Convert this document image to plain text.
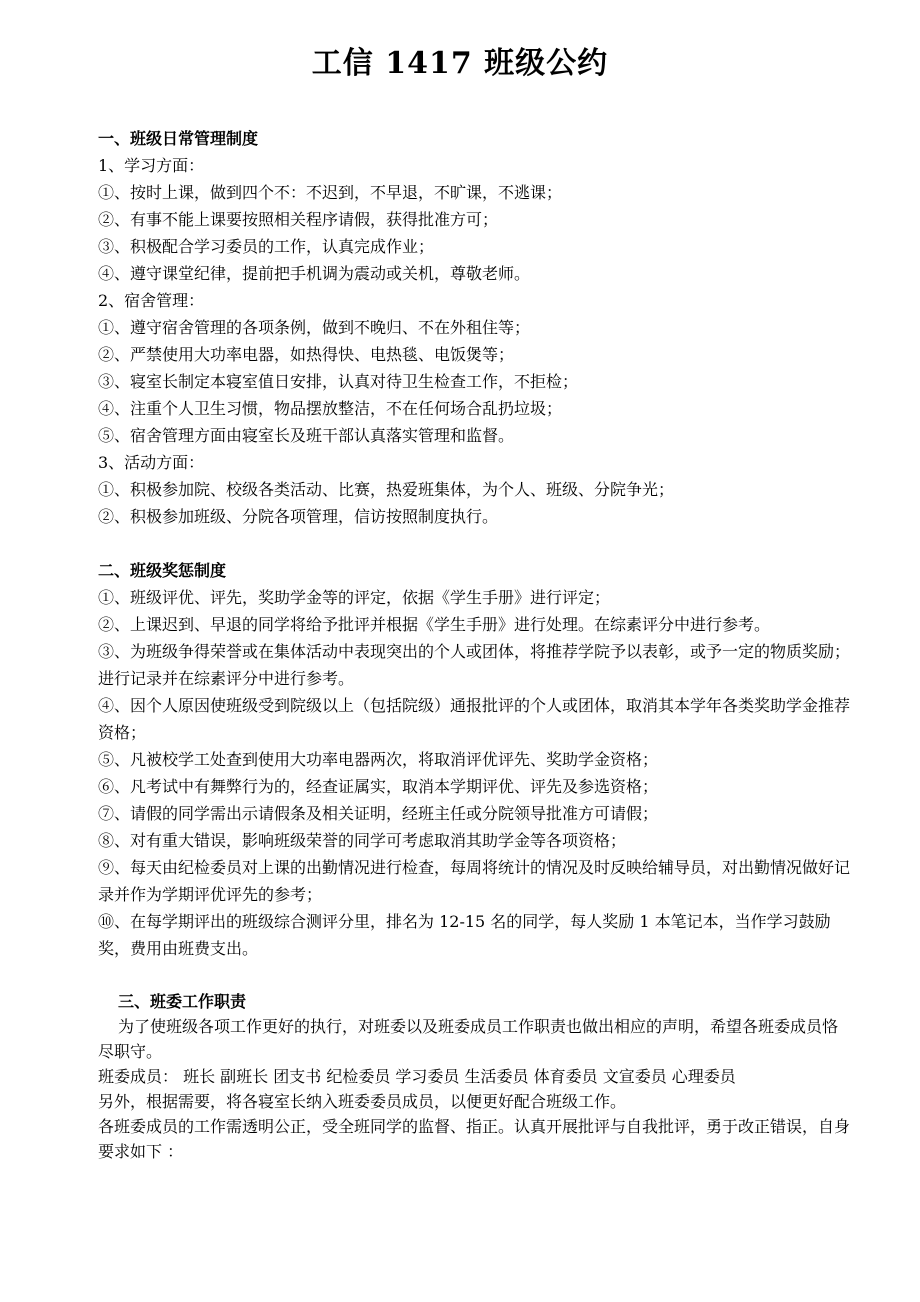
工信 1417 班级公约
一、班级日常管理制度
1、学习方面：
①、按时上课，做到四个不：不迟到，不早退，不旷课，不逃课；
②、有事不能上课要按照相关程序请假，获得批准方可；
③、积极配合学习委员的工作，认真完成作业；
④、遵守课堂纪律，提前把手机调为震动或关机，尊敬老师。
2、宿舍管理：
①、遵守宿舍管理的各项条例，做到不晚归、不在外租住等；
②、严禁使用大功率电器，如热得快、电热毯、电饭煲等；
③、寝室长制定本寝室值日安排，认真对待卫生检查工作，不拒检；
④、注重个人卫生习惯，物品摆放整洁，不在任何场合乱扔垃圾；
⑤、宿舍管理方面由寝室长及班干部认真落实管理和监督。
3、活动方面：
①、积极参加院、校级各类活动、比赛，热爱班集体，为个人、班级、分院争光；
②、积极参加班级、分院各项管理，信访按照制度执行。
二、班级奖惩制度
①、班级评优、评先，奖助学金等的评定，依据《学生手册》进行评定；
②、上课迟到、早退的同学将给予批评并根据《学生手册》进行处理。在综素评分中进行参考。
③、为班级争得荣誉或在集体活动中表现突出的个人或团体，将推荐学院予以表彰，或予一定的物质奖励；进行记录并在综素评分中进行参考。
④、因个人原因使班级受到院级以上（包括院级）通报批评的个人或团体，取消其本学年各类奖助学金推荐资格；
⑤、凡被校学工处查到使用大功率电器两次，将取消评优评先、奖助学金资格；
⑥、凡考试中有舞弊行为的，经查证属实，取消本学期评优、评先及参选资格；
⑦、请假的同学需出示请假条及相关证明，经班主任或分院领导批准方可请假；
⑧、对有重大错误，影响班级荣誉的同学可考虑取消其助学金等各项资格；
⑨、每天由纪检委员对上课的出勤情况进行检查，每周将统计的情况及时反映给辅导员，对出勤情况做好记录并作为学期评优评先的参考；
⑩、在每学期评出的班级综合测评分里，排名为 12-15 名的同学，每人奖励 1 本笔记本，当作学习鼓励奖，费用由班费支出。
三、班委工作职责
为了使班级各项工作更好的执行，对班委以及班委成员工作职责也做出相应的声明，希望各班委成员恪尽职守。
班委成员： 班长 副班长 团支书 纪检委员 学习委员 生活委员 体育委员 文宣委员 心理委员
另外，根据需要，将各寝室长纳入班委委员成员，以便更好配合班级工作。
各班委成员的工作需透明公正，受全班同学的监督、指正。认真开展批评与自我批评，勇于改正错误，自身要求如下 ：
